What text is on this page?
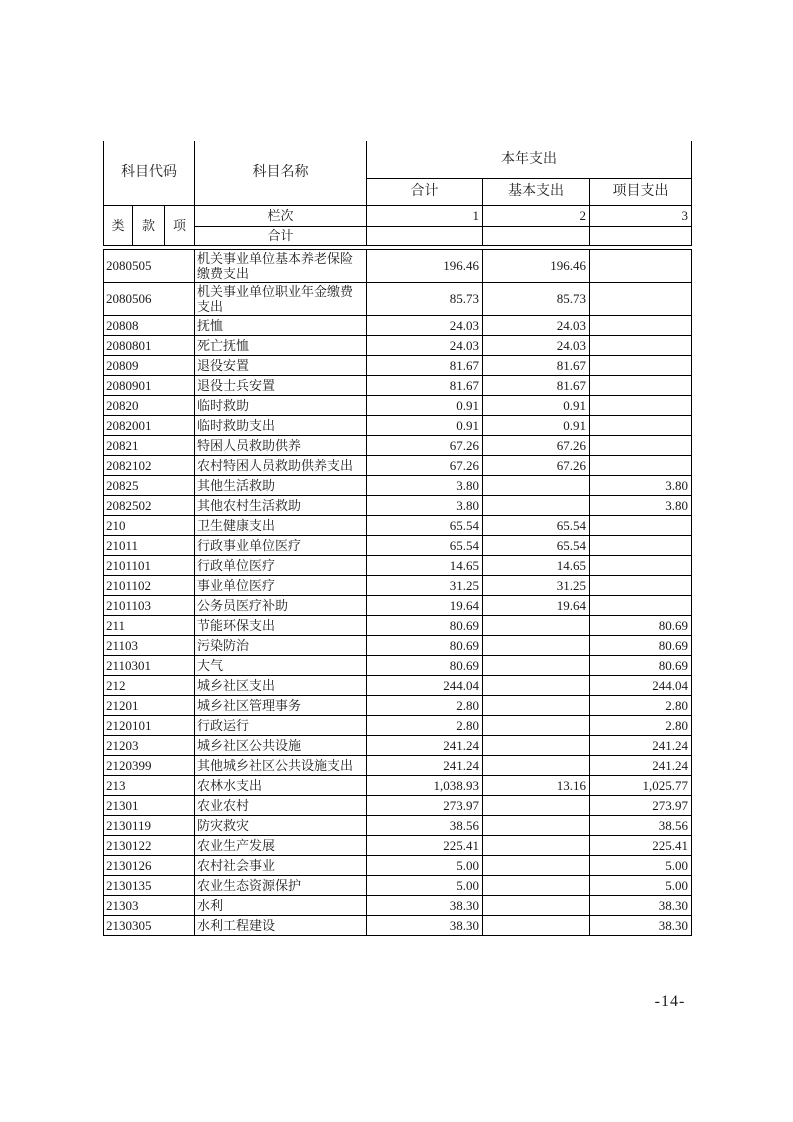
科目代码			科目名称	本年支出		
				合计	基本支出	项目支出
类	款	项	栏次	1	2	3
			合计			
2080505	机关事业单位基本养老保险缴费支出	196.46	196.46	
2080506	机关事业单位职业年金缴费支出	85.73	85.73	
20808	抚恤	24.03	24.03	
2080801	死亡抚恤	24.03	24.03	
20809	退役安置	81.67	81.67	
2080901	退役士兵安置	81.67	81.67	
20820	临时救助	0.91	0.91	
2082001	临时救助支出	0.91	0.91	
20821	特困人员救助供养	67.26	67.26	
2082102	农村特困人员救助供养支出	67.26	67.26	
20825	其他生活救助	3.80		3.80
2082502	其他农村生活救助	3.80		3.80
210	卫生健康支出	65.54	65.54	
21011	行政事业单位医疗	65.54	65.54	
2101101	行政单位医疗	14.65	14.65	
2101102	事业单位医疗	31.25	31.25	
2101103	公务员医疗补助	19.64	19.64	
211	节能环保支出	80.69		80.69
21103	污染防治	80.69		80.69
2110301	大气	80.69		80.69
212	城乡社区支出	244.04		244.04
21201	城乡社区管理事务	2.80		2.80
2120101	行政运行	2.80		2.80
21203	城乡社区公共设施	241.24		241.24
2120399	其他城乡社区公共设施支出	241.24		241.24
213	农林水支出	1,038.93	13.16	1,025.77
21301	农业农村	273.97		273.97
2130119	防灾救灾	38.56		38.56
2130122	农业生产发展	225.41		225.41
2130126	农村社会事业	5.00		5.00
2130135	农业生态资源保护	5.00		5.00
21303	水利	38.30		38.30
2130305	水利工程建设	38.30		38.30
-14-
